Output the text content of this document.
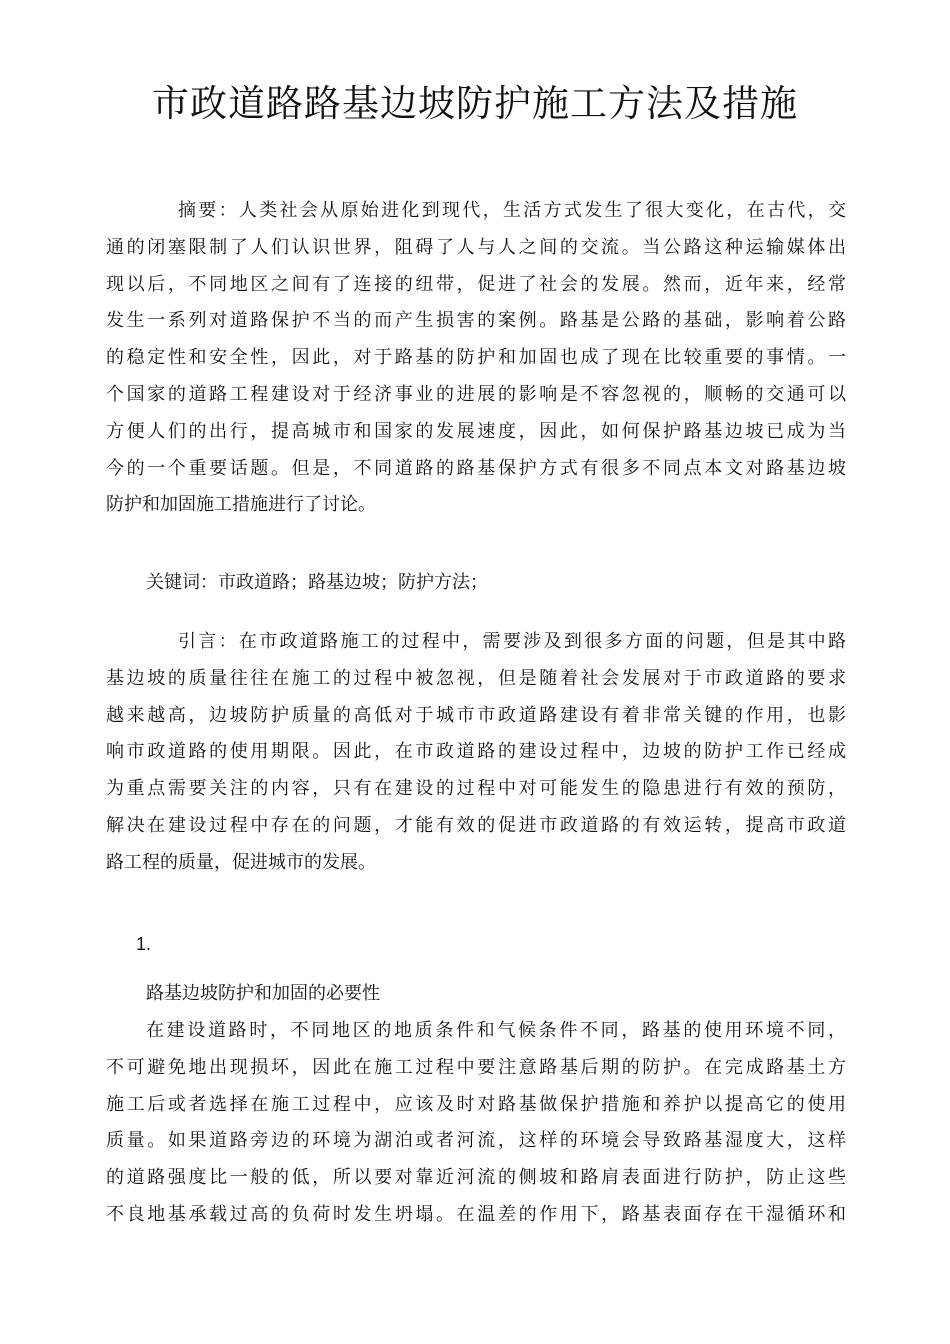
市政道路路基边坡防护施工方法及措施
摘要：人类社会从原始进化到现代，生活方式发生了很大变化，在古代，交
通的闭塞限制了人们认识世界，阻碍了人与人之间的交流。当公路这种运输媒体出
现以后，不同地区之间有了连接的纽带，促进了社会的发展。然而，近年来，经常
发生一系列对道路保护不当的而产生损害的案例。路基是公路的基础，影响着公路
的稳定性和安全性，因此，对于路基的防护和加固也成了现在比较重要的事情。一
个国家的道路工程建设对于经济事业的进展的影响是不容忽视的，顺畅的交通可以
方便人们的出行，提高城市和国家的发展速度，因此，如何保护路基边坡已成为当
今的一个重要话题。但是，不同道路的路基保护方式有很多不同点本文对路基边坡
防护和加固施工措施进行了讨论。

关键词：市政道路；路基边坡；防护方法；

引言：在市政道路施工的过程中，需要涉及到很多方面的问题，但是其中路
基边坡的质量往往在施工的过程中被忽视，但是随着社会发展对于市政道路的要求
越来越高，边坡防护质量的高低对于城市市政道路建设有着非常关键的作用，也影
响市政道路的使用期限。因此，在市政道路的建设过程中，边坡的防护工作已经成
为重点需要关注的内容，只有在建设的过程中对可能发生的隐患进行有效的预防，
解决在建设过程中存在的问题，才能有效的促进市政道路的有效运转，提高市政道
路工程的质量，促进城市的发展。

1.

路基边坡防护和加固的必要性

在建设道路时，不同地区的地质条件和气候条件不同，路基的使用环境不同，
不可避免地出现损坏，因此在施工过程中要注意路基后期的防护。在完成路基土方
施工后或者选择在施工过程中，应该及时对路基做保护措施和养护以提高它的使用
质量。如果道路旁边的环境为湖泊或者河流，这样的环境会导致路基湿度大，这样
的道路强度比一般的低，所以要对靠近河流的侧坡和路肩表面进行防护，防止这些
不良地基承载过高的负荷时发生坍塌。在温差的作用下，路基表面存在干湿循环和
